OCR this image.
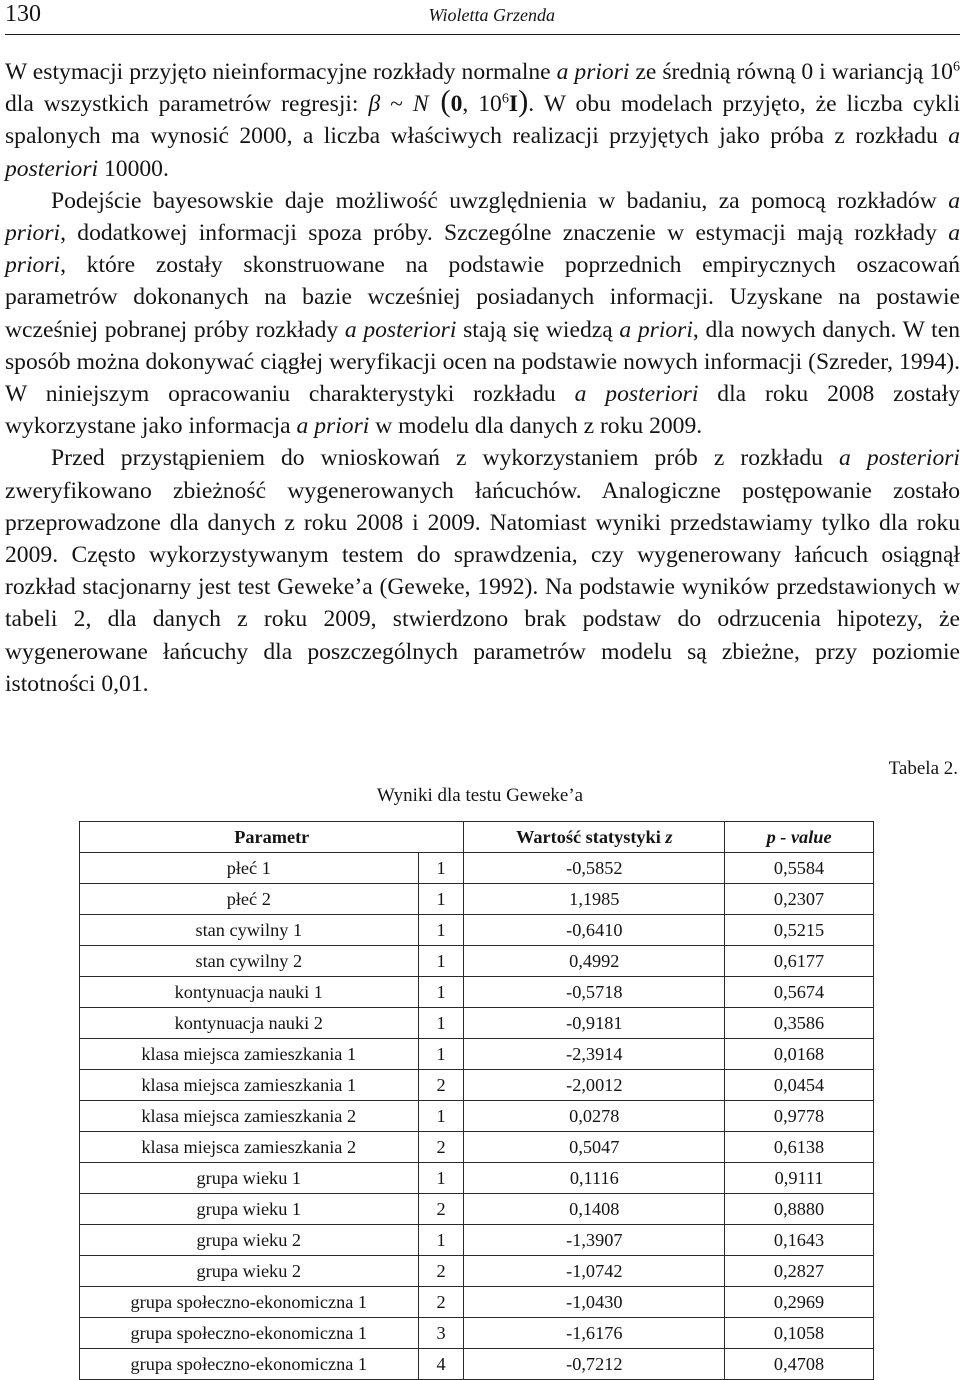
130	Wioletta Grzenda

W estymacji przyjęto nieinformacyjne rozkłady normalne a priori ze średnią równą 0 i wariancją $10^6$ dla wszystkich parametrów regresji: β ~ N (0, $10^6I$). W obu modelach przyjęto, że liczba cykli spalonych ma wynosić 2000, a liczba właściwych realizacji przyjętych jako próba z rozkładu a posteriori 10000.

Podejście bayesowskie daje możliwość uwzględnienia w badaniu, za pomocą rozkładów a priori, dodatkowej informacji spoza próby. Szczególne znaczenie w estymacji mają rozkłady a priori, które zostały skonstruowane na podstawie poprzednich empirycznych oszacowań parametrów dokonanych na bazie wcześniej posiadanych informacji. Uzyskane na postawie wcześniej pobranej próby rozkłady a posteriori stają się wiedzą a priori, dla nowych danych. W ten sposób można dokonywać ciągłej weryfikacji ocen na podstawie nowych informacji (Szreder, 1994). W niniejszym opracowaniu charakterystyki rozkładu a posteriori dla roku 2008 zostały wykorzystane jako informacja a priori w modelu dla danych z roku 2009.

Przed przystąpieniem do wnioskowań z wykorzystaniem prób z rozkładu a posteriori zweryfikowano zbieżność wygenerowanych łańcuchów. Analogiczne postępowanie zostało przeprowadzone dla danych z roku 2008 i 2009. Natomiast wyniki przedstawiamy tylko dla roku 2009. Często wykorzystywanym testem do sprawdzenia, czy wygenerowany łańcuch osiągnął rozkład stacjonarny jest test Geweke’a (Geweke, 1992). Na podstawie wyników przedstawionych w tabeli 2, dla danych z roku 2009, stwierdzono brak podstaw do odrzucenia hipotezy, że wygenerowane łańcuchy dla poszczególnych parametrów modelu są zbieżne, przy poziomie istotności 0,01.

Tabela 2.
Wyniki dla testu Geweke’a
Parametr		Wartość statystyki z	p - value
płeć 1	1	-0,5852	0,5584
płeć 2	1	1,1985	0,2307
stan cywilny 1	1	-0,6410	0,5215
stan cywilny 2	1	0,4992	0,6177
kontynuacja nauki 1	1	-0,5718	0,5674
kontynuacja nauki 2	1	-0,9181	0,3586
klasa miejsca zamieszkania 1	1	-2,3914	0,0168
klasa miejsca zamieszkania 1	2	-2,0012	0,0454
klasa miejsca zamieszkania 2	1	0,0278	0,9778
klasa miejsca zamieszkania 2	2	0,5047	0,6138
grupa wieku 1	1	0,1116	0,9111
grupa wieku 1	2	0,1408	0,8880
grupa wieku 2	1	-1,3907	0,1643
grupa wieku 2	2	-1,0742	0,2827
grupa społeczno-ekonomiczna 1	2	-1,0430	0,2969
grupa społeczno-ekonomiczna 1	3	-1,6176	0,1058
grupa społeczno-ekonomiczna 1	4	-0,7212	0,4708
